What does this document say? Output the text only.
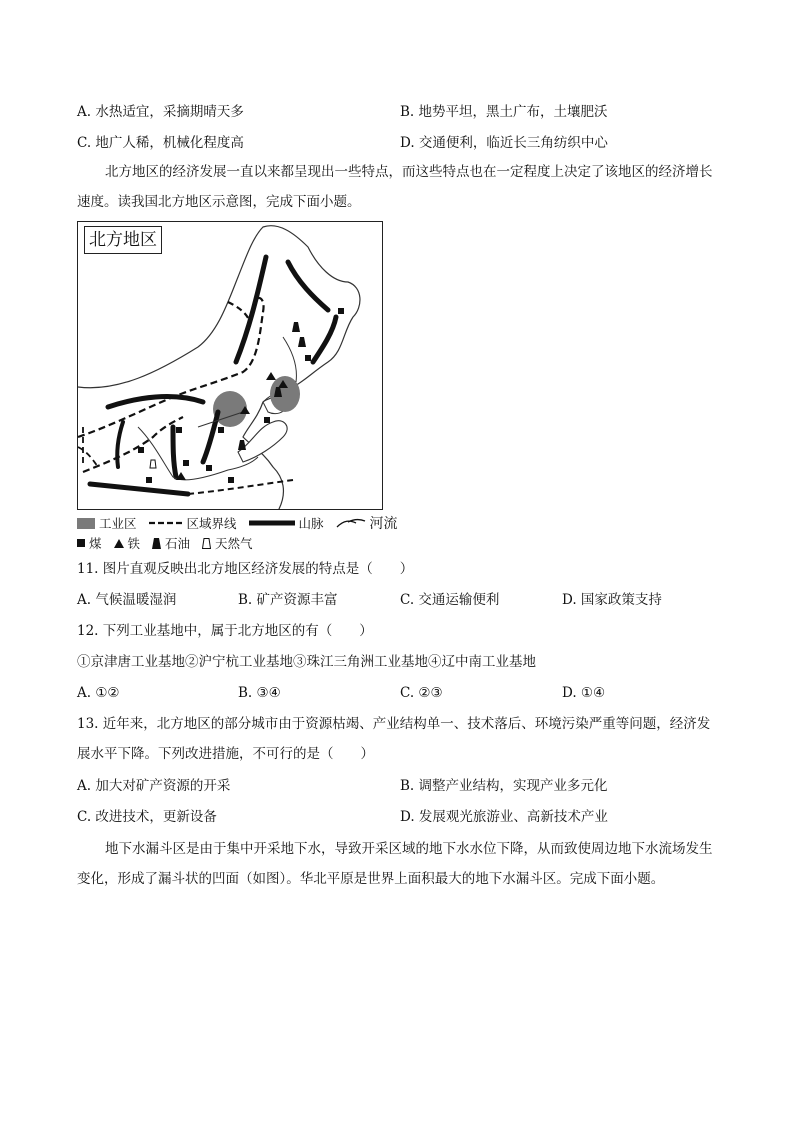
A. 水热适宜，采摘期晴天多	B. 地势平坦，黑土广布，土壤肥沃
C. 地广人稀，机械化程度高	D. 交通便利，临近长三角纺织中心
北方地区的经济发展一直以来都呈现出一些特点，而这些特点也在一定程度上决定了该地区的经济增长速度。读我国北方地区示意图，完成下面小题。
北方地区
工业区	区域界线	山脉	河流
煤 铁 石油 天然气
11. 图片直观反映出北方地区经济发展的特点是（　　）
A. 气候温暖湿润	B. 矿产资源丰富	C. 交通运输便利	D. 国家政策支持
12. 下列工业基地中，属于北方地区的有（　　）
①京津唐工业基地②沪宁杭工业基地③珠江三角洲工业基地④辽中南工业基地
A. ①②	B. ③④	C. ②③	D. ①④
13. 近年来，北方地区的部分城市由于资源枯竭、产业结构单一、技术落后、环境污染严重等问题，经济发展水平下降。下列改进措施，不可行的是（　　）
A. 加大对矿产资源的开采	B. 调整产业结构，实现产业多元化
C. 改进技术，更新设备	D. 发展观光旅游业、高新技术产业
地下水漏斗区是由于集中开采地下水，导致开采区域的地下水水位下降，从而致使周边地下水流场发生变化，形成了漏斗状的凹面（如图）。华北平原是世界上面积最大的地下水漏斗区。完成下面小题。
